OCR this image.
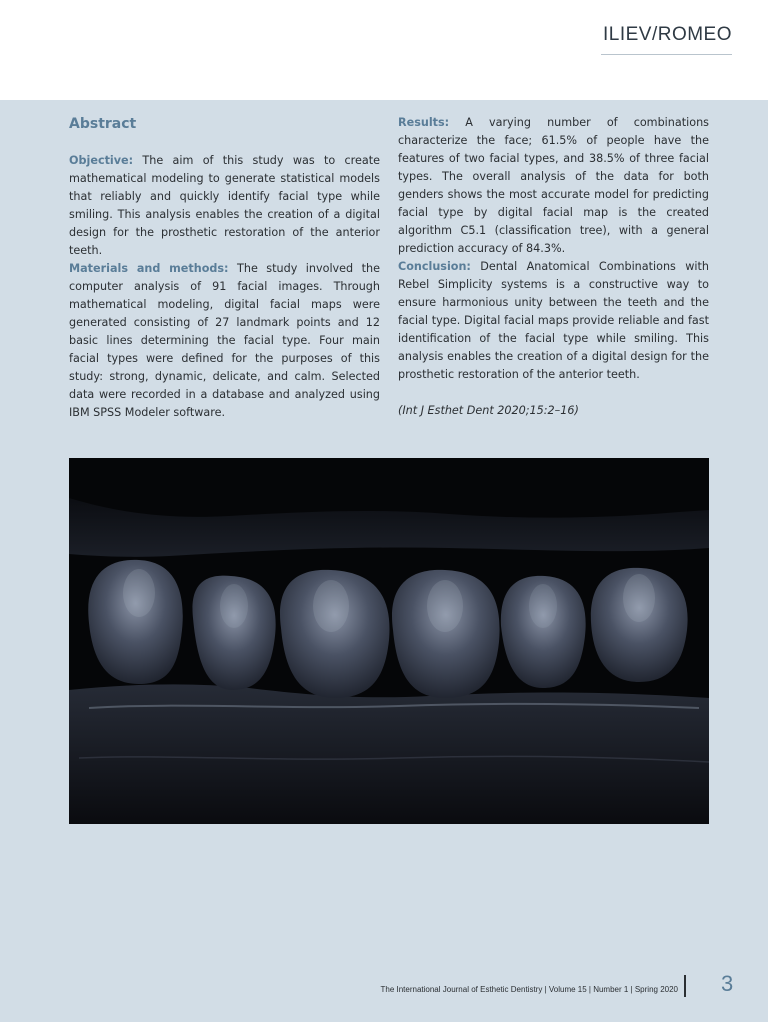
ILIEV/ROMEO
Abstract

Objective: The aim of this study was to create mathematical modeling to generate statistical models that reliably and quickly identify facial type while smiling. This analysis enables the creation of a digital design for the prosthetic restoration of the anterior teeth.

Materials and methods: The study involved the computer analysis of 91 facial images. Through mathematical modeling, digital facial maps were generated consisting of 27 landmark points and 12 basic lines determining the facial type. Four main facial types were defined for the purposes of this study: strong, dynamic, delicate, and calm. Selected data were recorded in a database and analyzed using IBM SPSS Modeler software.

Results: A varying number of combinations characterize the face; 61.5% of people have the features of two facial types, and 38.5% of three facial types. The overall analysis of the data for both genders shows the most accurate model for predicting facial type by digital facial map is the created algorithm C5.1 (classification tree), with a general prediction accuracy of 84.3%.

Conclusion: Dental Anatomical Combinations with Rebel Simplicity systems is a constructive way to ensure harmonious unity between the teeth and the facial type. Digital facial maps provide reliable and fast identification of the facial type while smiling. This analysis enables the creation of a digital design for the prosthetic restoration of the anterior teeth.

(Int J Esthet Dent 2020;15:2–16)

The International Journal of Esthetic Dentistry | Volume 15 | Number 1 | Spring 2020 3
